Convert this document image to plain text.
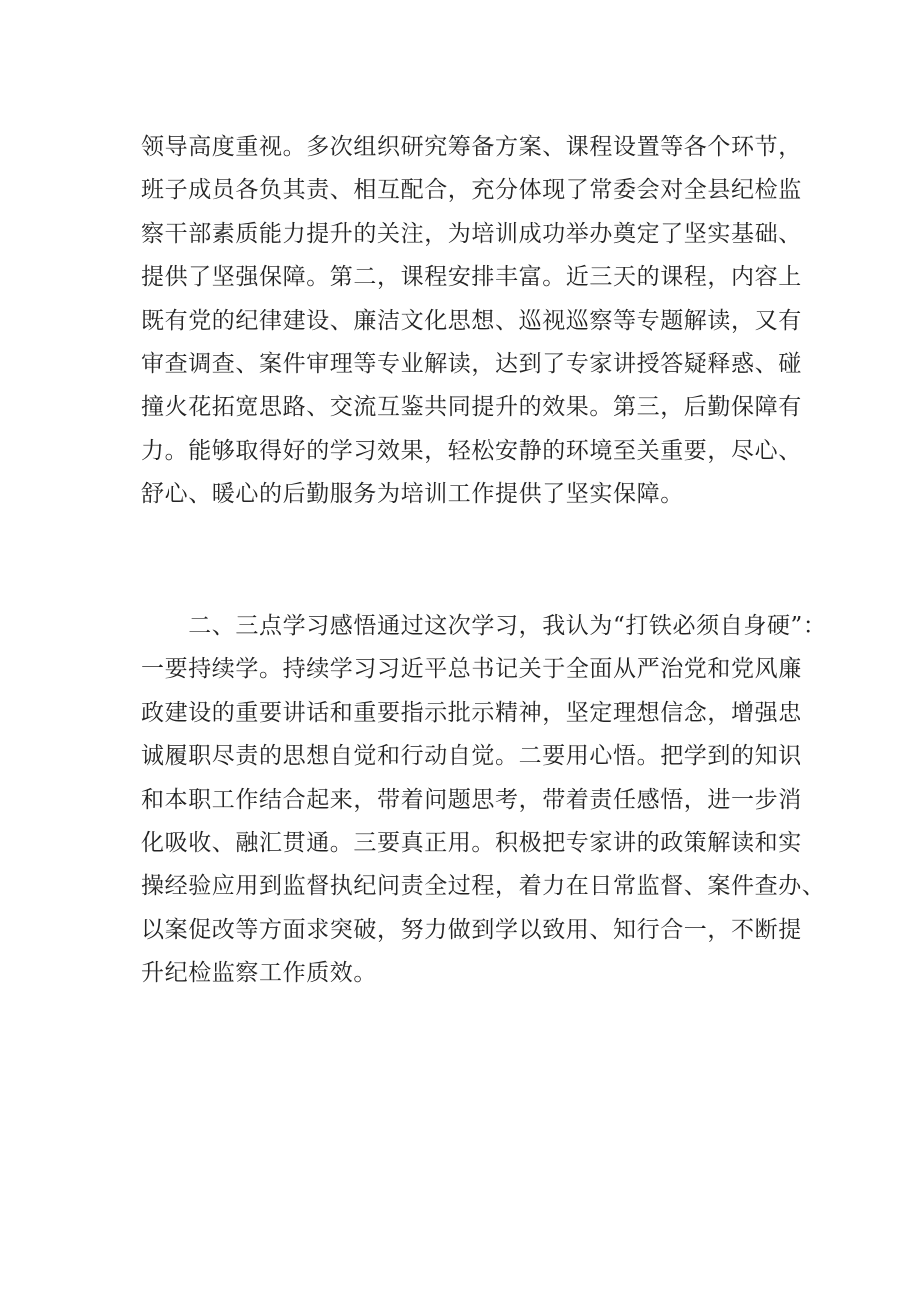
领导高度重视。多次组织研究筹备方案、课程设置等各个环节，
班子成员各负其责、相互配合，充分体现了常委会对全县纪检监
察干部素质能力提升的关注，为培训成功举办奠定了坚实基础、
提供了坚强保障。第二，课程安排丰富。近三天的课程，内容上
既有党的纪律建设、廉洁文化思想、巡视巡察等专题解读，又有
审查调查、案件审理等专业解读，达到了专家讲授答疑释惑、碰
撞火花拓宽思路、交流互鉴共同提升的效果。第三，后勤保障有
力。能够取得好的学习效果，轻松安静的环境至关重要，尽心、
舒心、暖心的后勤服务为培训工作提供了坚实保障。
　　二、三点学习感悟通过这次学习，我认为“打铁必须自身硬”：
一要持续学。持续学习习近平总书记关于全面从严治党和党风廉
政建设的重要讲话和重要指示批示精神，坚定理想信念，增强忠
诚履职尽责的思想自觉和行动自觉。二要用心悟。把学到的知识
和本职工作结合起来，带着问题思考，带着责任感悟，进一步消
化吸收、融汇贯通。三要真正用。积极把专家讲的政策解读和实
操经验应用到监督执纪问责全过程，着力在日常监督、案件查办、
以案促改等方面求突破，努力做到学以致用、知行合一，不断提
升纪检监察工作质效。
